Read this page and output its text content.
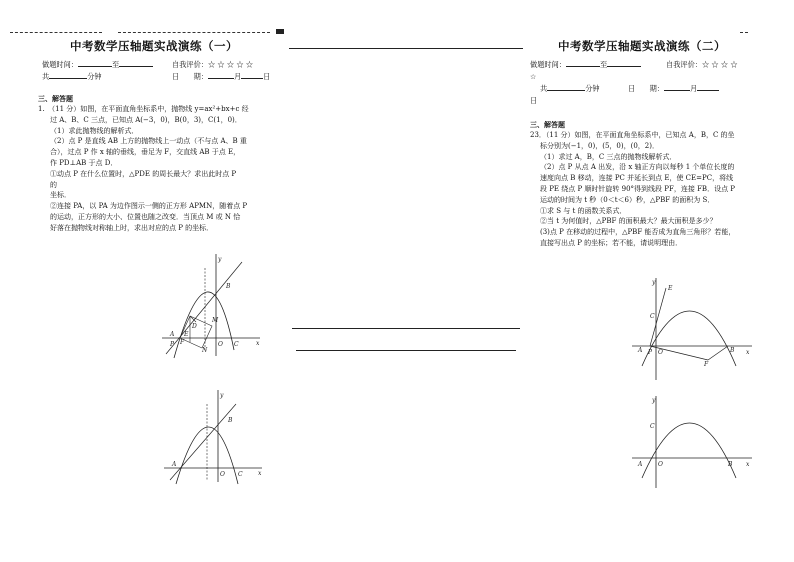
中考数学压轴题实战演练（一）
做题时间：	至	自我评价：☆ ☆ ☆ ☆ ☆
共	分钟	日　　期：	月	日
三、解答题

1.　（11 分）如图，在平面直角坐标系中，抛物线 y=ax²+bx+c 经

过 A、B、C 三点，已知点 A(−3，0)，B(0，3)，C(1，0)．

（1）求此抛物线的解析式．

（2）点 P 是直线 AB 上方的抛物线上一动点（不与点 A、B 重

合），过点 P 作 x 轴的垂线，垂足为 F，交直线 AB 于点 E，

作 PD⊥AB 于点 D．

①动点 P 在什么位置时，△PDE 的周长最大？求出此时点 P

的

坐标．

②连接 PA，以 PA 为边作图示一侧的正方形 APMN，随着点 P

的运动，正方形的大小、位置也随之改变．当顶点 M 或 N 恰

好落在抛物线对称轴上时，求出对应的点 P 的坐标．

y
x
B
M
D
E
A
F
P
N
C
O
y
x
B
A
O C
中考数学压轴题实战演练（二）
做题时间：	至	自我评价：☆ ☆ ☆ ☆
☆
共	分钟	日　　期：	月
日
三、解答题

23．（11 分）如图，在平面直角坐标系中，已知点 A，B，C 的坐

标分别为(−1，0)，(5，0)，(0，2)．

（1）求过 A，B，C 三点的抛物线解析式．

（2）点 P 从点 A 出发，沿 x 轴正方向以每秒 1 个单位长度的

速度向点 B 移动，连接 PC 并延长到点 E，使 CE=PC，将线

段 PE 绕点 P 顺时针旋转 90°得到线段 PF，连接 FB．设点 P

运动的时间为 t 秒（0＜t＜6）秒，△PBF 的面积为 S．

①求 S 与 t 的函数关系式．

②当 t 为何值时，△PBF 的面积最大？最大面积是多少？

(3)点 P 在移动的过程中，△PBF 能否成为直角三角形？若能，

直接写出点 P 的坐标；若不能，请说明理由．

y
E
C
A P O	B x
F
y
C
A	O	B x
